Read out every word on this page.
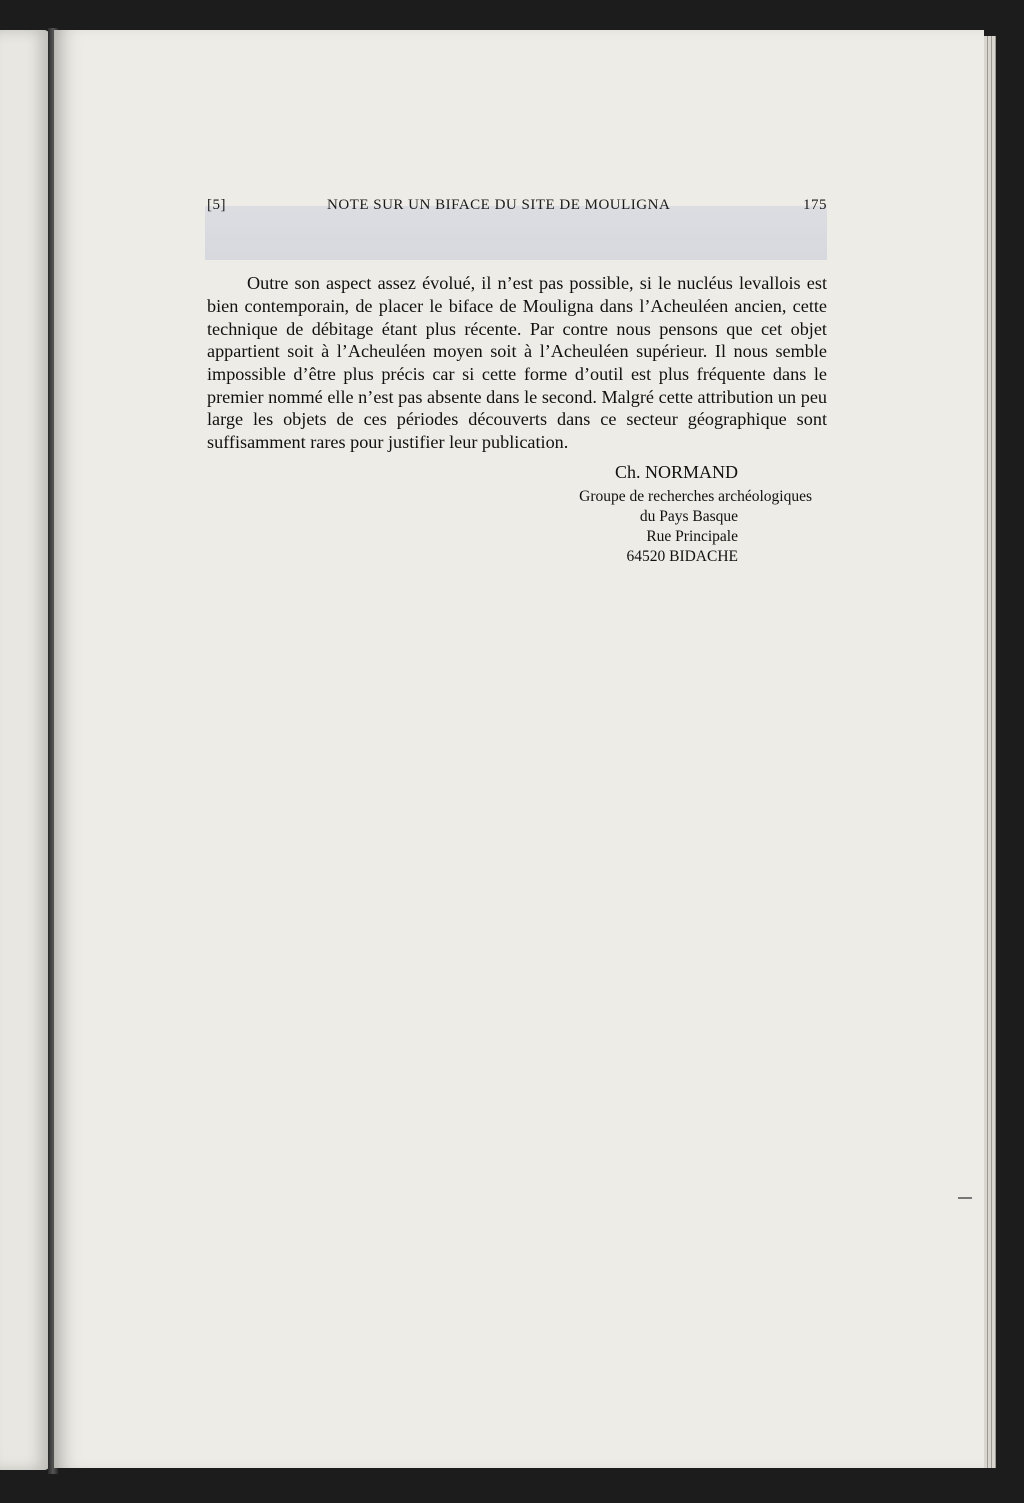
[5]	NOTE SUR UN BIFACE DU SITE DE MOULIGNA	175

Outre son aspect assez évolué, il n’est pas possible, si le nucléus levallois est bien contemporain, de placer le biface de Mouligna dans l’Acheuléen ancien, cette technique de débitage étant plus récente. Par contre nous pensons que cet objet appartient soit à l’Acheuléen moyen soit à l’Acheuléen supérieur. Il nous semble impossible d’être plus précis car si cette forme d’outil est plus fréquente dans le premier nommé elle n’est pas absente dans le second. Malgré cette attribution un peu large les objets de ces périodes découverts dans ce secteur géographique sont suffisamment rares pour justifier leur publication.

Ch. NORMAND
Groupe de recherches archéologiques
du Pays Basque
Rue Principale
64520 BIDACHE
